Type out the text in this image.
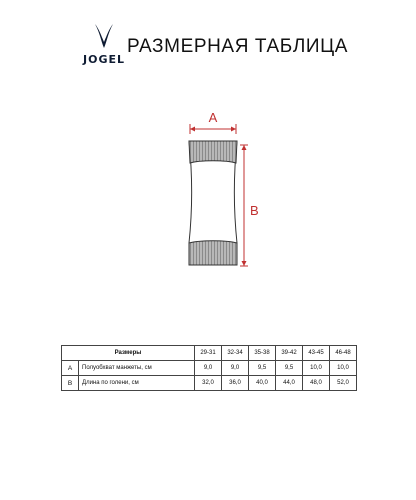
JOGEL
РАЗМЕРНАЯ ТАБЛИЦА
A
B
Размеры		29-31	32-34	35-38	39-42	43-45	46-48
A	Полуобхват манжеты, см	9,0	9,0	9,5	9,5	10,0	10,0
B	Длина по голени, см	32,0	36,0	40,0	44,0	48,0	52,0
